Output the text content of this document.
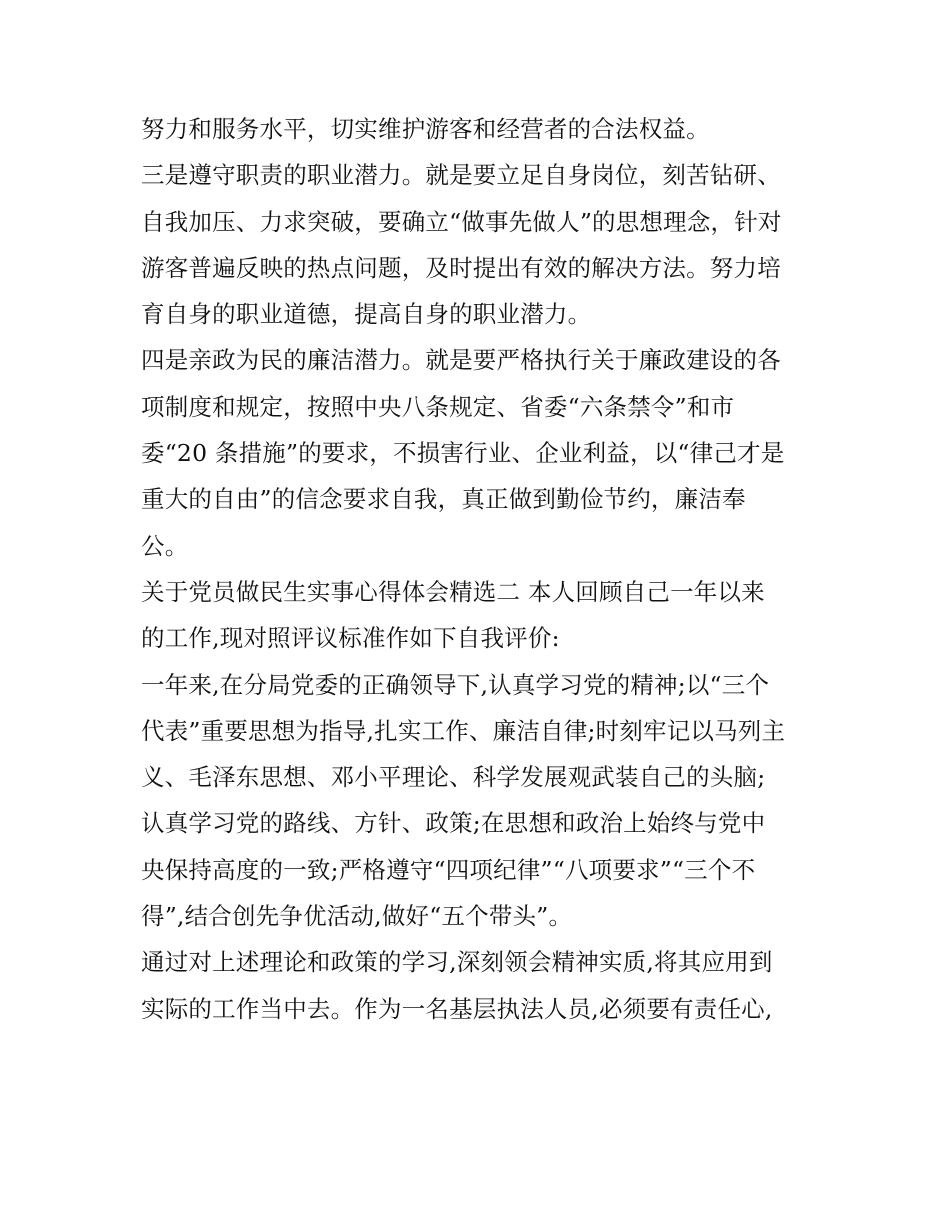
努力和服务水平，切实维护游客和经营者的合法权益。
三是遵守职责的职业潜力。就是要立足自身岗位，刻苦钻研、
自我加压、力求突破，要确立“做事先做人”的思想理念，针对
游客普遍反映的热点问题，及时提出有效的解决方法。努力培
育自身的职业道德，提高自身的职业潜力。
四是亲政为民的廉洁潜力。就是要严格执行关于廉政建设的各
项制度和规定，按照中央八条规定、省委“六条禁令”和市
委“20 条措施”的要求，不损害行业、企业利益，以“律己才是
重大的自由”的信念要求自我，真正做到勤俭节约，廉洁奉
公。
关于党员做民生实事心得体会精选二 本人回顾自己一年以来
的工作,现对照评议标准作如下自我评价:
一年来,在分局党委的正确领导下,认真学习党的精神;以“三个
代表”重要思想为指导,扎实工作、廉洁自律;时刻牢记以马列主
义、毛泽东思想、邓小平理论、科学发展观武装自己的头脑;
认真学习党的路线、方针、政策;在思想和政治上始终与党中
央保持高度的一致;严格遵守“四项纪律”“八项要求”“三个不
得”,结合创先争优活动,做好“五个带头”。
通过对上述理论和政策的学习,深刻领会精神实质,将其应用到
实际的工作当中去。作为一名基层执法人员,必须要有责任心,
